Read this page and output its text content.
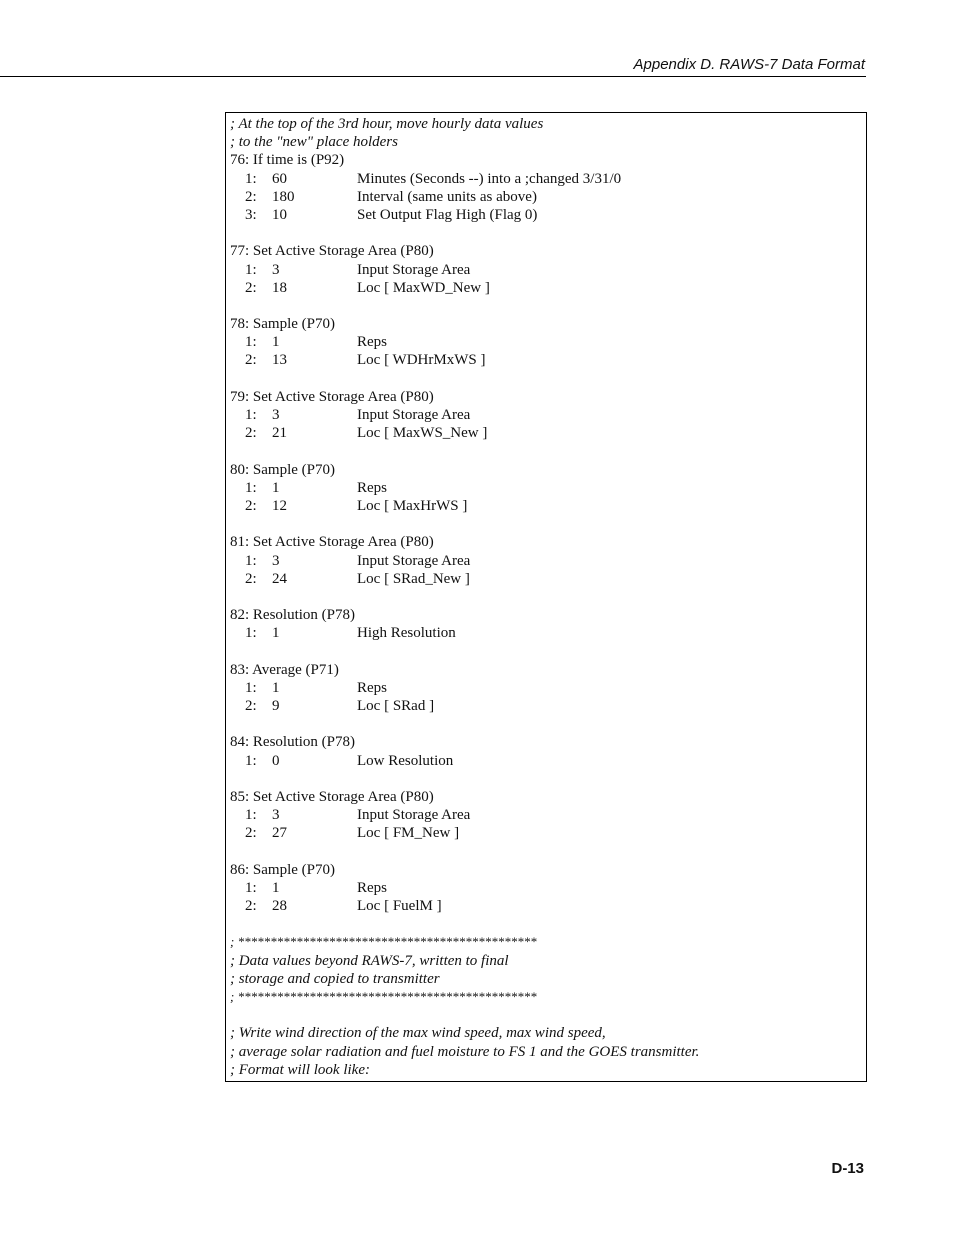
Appendix D. RAWS-7 Data Format
; At the top of the 3rd hour, move hourly data values
; to the "new" place holders
76: If time is (P92)
1: 60	Minutes (Seconds --) into a ;changed 3/31/0
2: 180	Interval (same units as above)
3: 10	Set Output Flag High (Flag 0)
77: Set Active Storage Area (P80)
1: 3	Input Storage Area
2: 18	Loc [ MaxWD_New ]
78: Sample (P70)
1: 1	Reps
2: 13	Loc [ WDHrMxWS ]
79: Set Active Storage Area (P80)
1: 3	Input Storage Area
2: 21	Loc [ MaxWS_New ]
80: Sample (P70)
1: 1	Reps
2: 12	Loc [ MaxHrWS ]
81: Set Active Storage Area (P80)
1: 3	Input Storage Area
2: 24	Loc [ SRad_New ]
82: Resolution (P78)
1: 1	High Resolution
83: Average (P71)
1: 1	Reps
2: 9	Loc [ SRad ]
84: Resolution (P78)
1: 0	Low Resolution
85: Set Active Storage Area (P80)
1: 3	Input Storage Area
2: 27	Loc [ FM_New ]
86: Sample (P70)
1: 1	Reps
2: 28	Loc [ FuelM ]
; **********************************************
; Data values beyond RAWS-7, written to final
; storage and copied to transmitter
; **********************************************
; Write wind direction of the max wind speed, max wind speed,
; average solar radiation and fuel moisture to FS 1 and the GOES transmitter.
; Format will look like:
D-13
